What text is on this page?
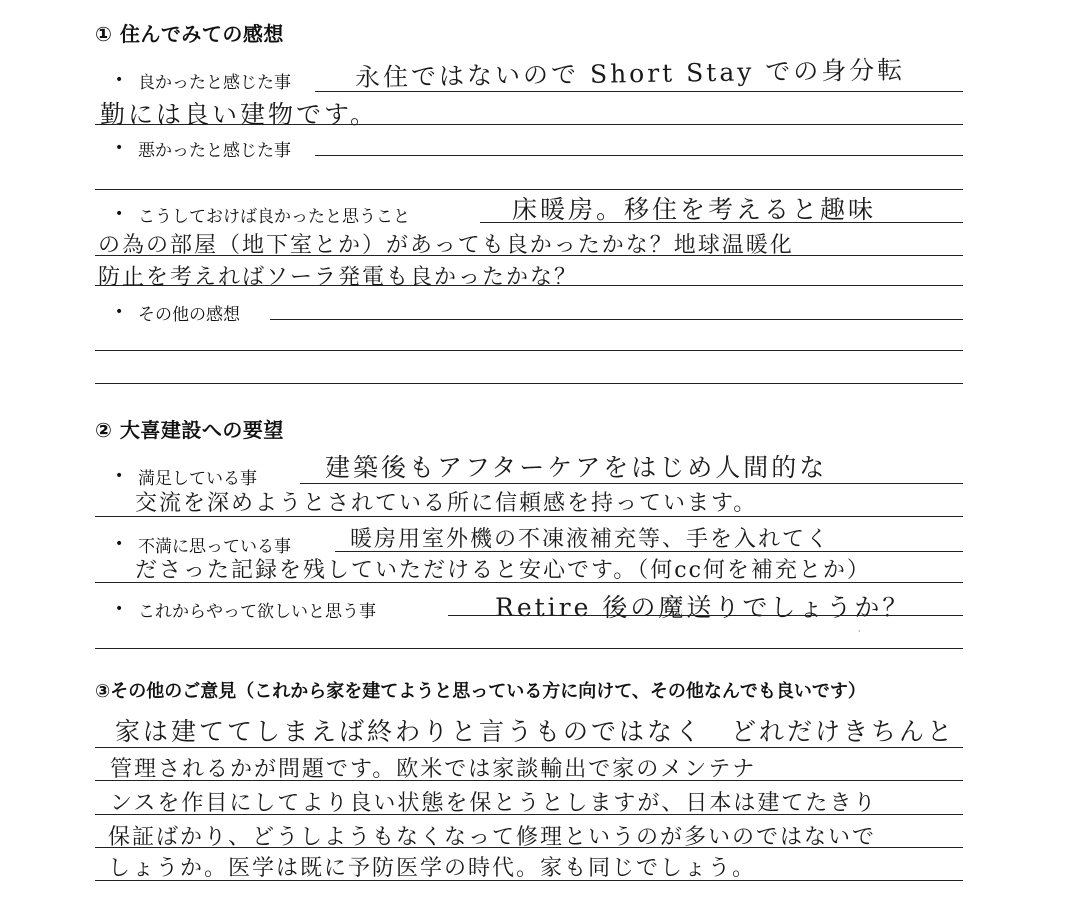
① 住んでみての感想
• 良かったと感じた事	永住ではないので Short Stay での身分転
勤には良い建物です。
• 悪かったと感じた事
• こうしておけば良かったと思うこと	床暖房。移住を考えると趣味
の為の部屋（地下室とか）があっても良かったかな？地球温暖化
防止を考えればソーラ発電も良かったかな？
• その他の感想
② 大喜建設への要望
• 満足している事	建築後もアフターケアをはじめ人間的な
交流を深めようとされている所に信頼感を持っています。
• 不満に思っている事	暖房用室外機の不凍液補充等、手を入れてく
ださった記録を残していただけると安心です。（何cc何を補充とか）
• これからやって欲しいと思う事	Retire 後の魔送りでしょうか？
③その他のご意見（これから家を建てようと思っている方に向けて、その他なんでも良いです）
家は建ててしまえば終わりと言うものではなく　どれだけきちんと
管理されるかが問題です。欧米では家談輸出で家のメンテナ
ンスを作目にしてより良い状態を保とうとしますが、日本は建てたきり
保証ばかり、どうしようもなくなって修理というのが多いのではないで
しょうか。医学は既に予防医学の時代。家も同じでしょう。
·
